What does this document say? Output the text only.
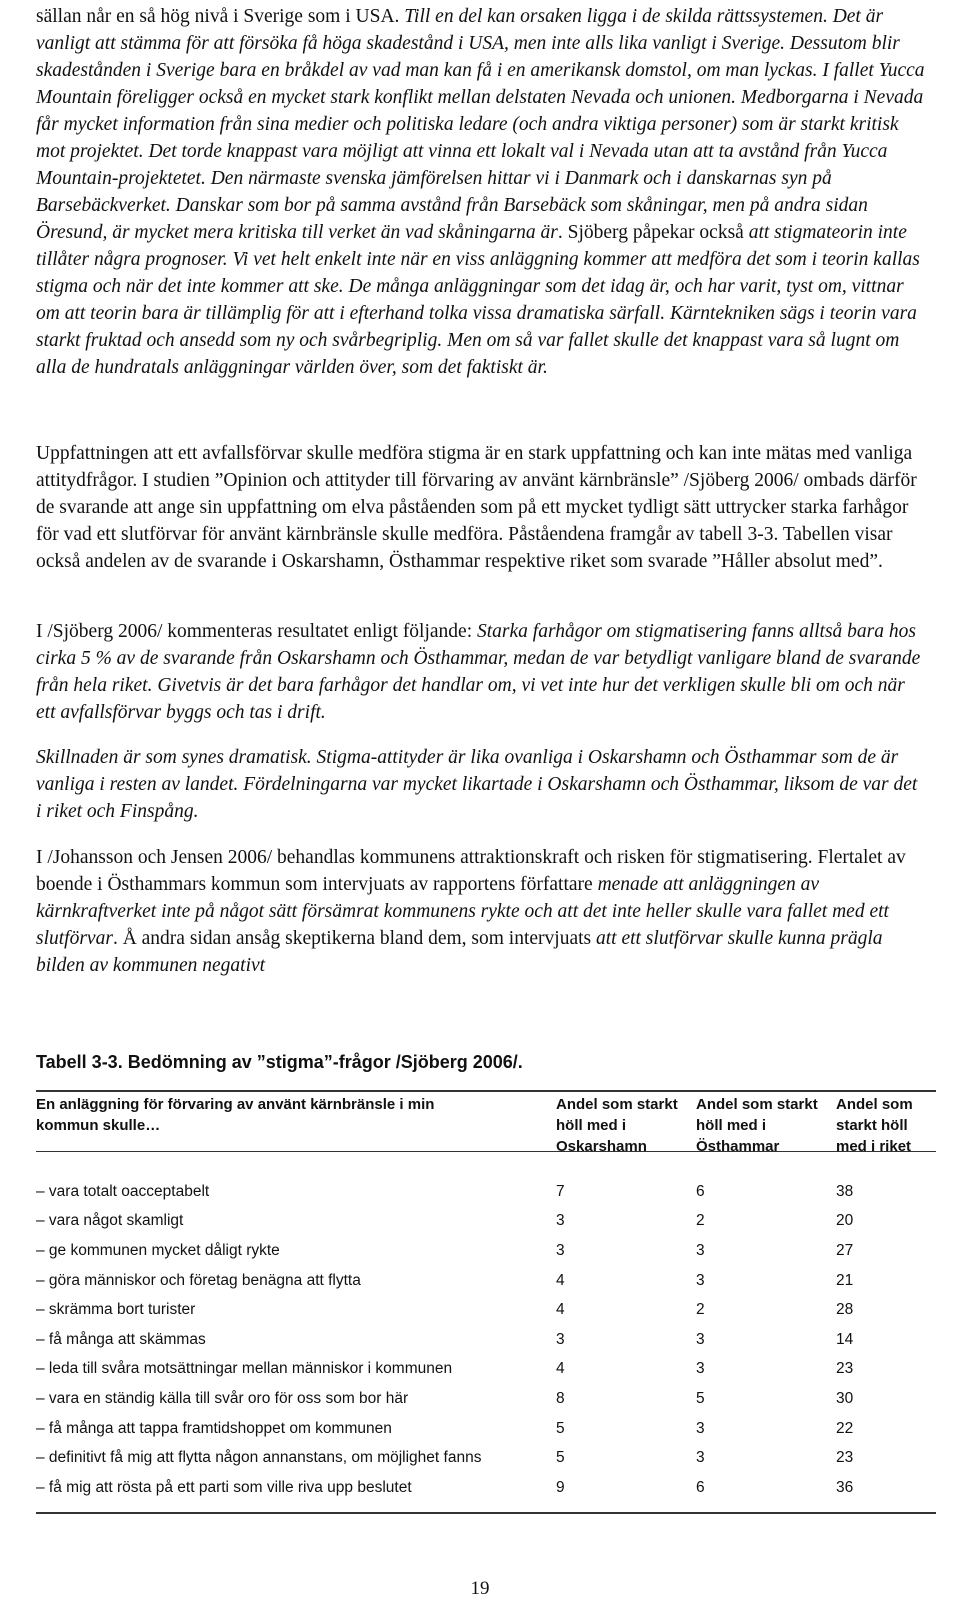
sällan når en så hög nivå i Sverige som i USA. Till en del kan orsaken ligga i de skilda rättssystemen. Det är vanligt att stämma för att försöka få höga skadestånd i USA, men inte alls lika vanligt i Sverige. Dessutom blir skadestånden i Sverige bara en bråkdel av vad man kan få i en amerikansk domstol, om man lyckas. I fallet Yucca Mountain föreligger också en mycket stark konflikt mellan delstaten Nevada och unionen. Medborgarna i Nevada får mycket information från sina medier och politiska ledare (och andra viktiga personer) som är starkt kritisk mot projektet. Det torde knappast vara möjligt att vinna ett lokalt val i Nevada utan att ta avstånd från Yucca Mountain-projektetet. Den närmaste svenska jämförelsen hittar vi i Danmark och i danskarnas syn på Barsebäckverket. Danskar som bor på samma avstånd från Barsebäck som skåningar, men på andra sidan Öresund, är mycket mera kritiska till verket än vad skåningarna är. Sjöberg påpekar också att stigmateorin inte tillåter några prognoser. Vi vet helt enkelt inte när en viss anläggning kommer att medföra det som i teorin kallas stigma och när det inte kommer att ske. De många anläggningar som det idag är, och har varit, tyst om, vittnar om att teorin bara är tillämplig för att i efterhand tolka vissa dramatiska särfall. Kärntekniken sägs i teorin vara starkt fruktad och ansedd som ny och svårbegriplig. Men om så var fallet skulle det knappast vara så lugnt om alla de hundratals anläggningar världen över, som det faktiskt är.

Uppfattningen att ett avfallsförvar skulle medföra stigma är en stark uppfattning och kan inte mätas med vanliga attitydfrågor. I studien ”Opinion och attityder till förvaring av använt kärnbränsle” /Sjöberg 2006/ ombads därför de svarande att ange sin uppfattning om elva påståenden som på ett mycket tydligt sätt uttrycker starka farhågor för vad ett slutförvar för använt kärnbränsle skulle medföra. Påståendena framgår av tabell 3-3. Tabellen visar också andelen av de svarande i Oskarshamn, Östhammar respektive riket som svarade ”Håller absolut med”.

I /Sjöberg 2006/ kommenteras resultatet enligt följande: Starka farhågor om stigmatisering fanns alltså bara hos cirka 5 % av de svarande från Oskarshamn och Östhammar, medan de var betydligt vanligare bland de svarande från hela riket. Givetvis är det bara farhågor det handlar om, vi vet inte hur det verkligen skulle bli om och när ett avfallsförvar byggs och tas i drift.

Skillnaden är som synes dramatisk. Stigma-attityder är lika ovanliga i Oskarshamn och Östhammar som de är vanliga i resten av landet. Fördelningarna var mycket likartade i Oskarshamn och Östhammar, liksom de var det i riket och Finspång.

I /Johansson och Jensen 2006/ behandlas kommunens attraktionskraft och risken för stigmatisering. Flertalet av boende i Östhammars kommun som intervjuats av rapportens författare menade att anläggningen av kärnkraftverket inte på något sätt försämrat kommunens rykte och att det inte heller skulle vara fallet med ett slutförvar. Å andra sidan ansåg skeptikerna bland dem, som intervjuats att ett slutförvar skulle kunna prägla bilden av kommunen negativt

Tabell 3-3. Bedömning av ”stigma”-frågor /Sjöberg 2006/.

En anläggning för förvaring av använt kärnbränsle i min kommun skulle…	Andel som starkt höll med i Oskarshamn	Andel som starkt höll med i Östhammar	Andel som starkt höll med i riket
– vara totalt oacceptabelt	7	6	38
– vara något skamligt	3	2	20
– ge kommunen mycket dåligt rykte	3	3	27
– göra människor och företag benägna att flytta	4	3	21
– skrämma bort turister	4	2	28
– få många att skämmas	3	3	14
– leda till svåra motsättningar mellan människor i kommunen	4	3	23
– vara en ständig källa till svår oro för oss som bor här	8	5	30
– få många att tappa framtidshoppet om kommunen	5	3	22
– definitivt få mig att flytta någon annanstans, om möjlighet fanns	5	3	23
– få mig att rösta på ett parti som ville riva upp beslutet	9	6	36

19
